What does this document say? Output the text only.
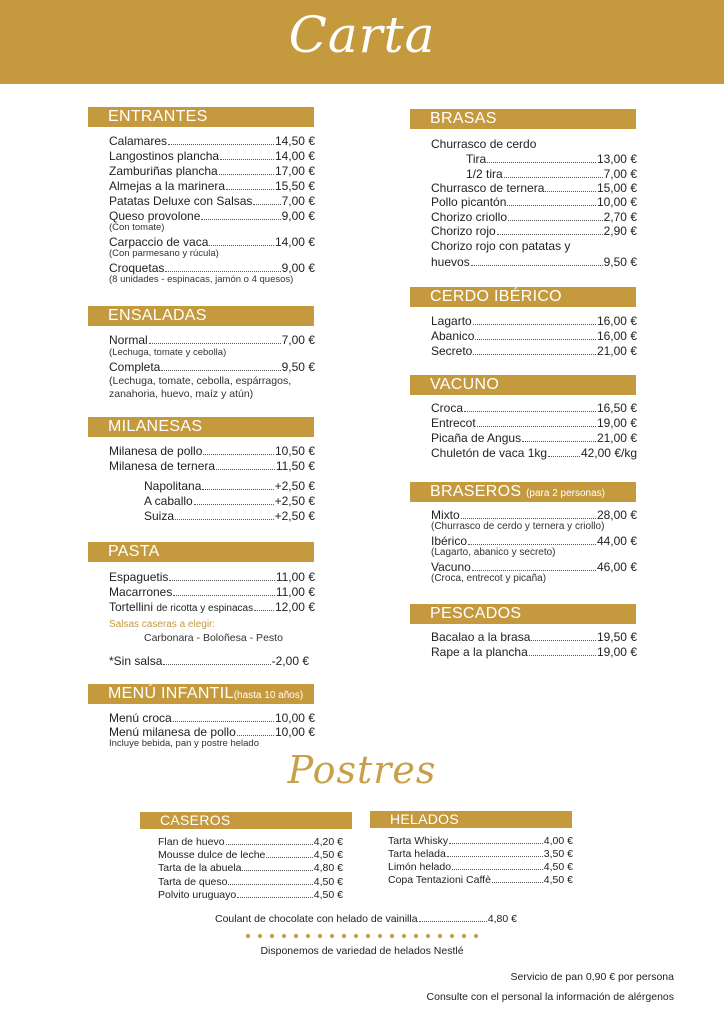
Carta
ENTRANTES
Calamares	14,50 €
Langostinos plancha	14,00 €
Zamburiñas plancha	17,00 €
Almejas a la marinera	15,50 €
Patatas Deluxe con Salsas 7,00 €
Queso provolone	9,00 €
(Con tomate)
Carpaccio de vaca	14,00 €
(Con parmesano y rúcula)
Croquetas	9,00 €
(8 unidades - espinacas, jamón o 4 quesos)
ENSALADAS
Normal	7,00 €
(Lechuga, tomate y cebolla)
Completa	9,50 €
(Lechuga, tomate, cebolla, espárragos,
zanahoria, huevo, maíz y atún)
MILANESAS
Milanesa de pollo	10,50 €
Milanesa de ternera	11,50 €
Napolitana	+2,50 €
A caballo	+2,50 €
Suiza	+2,50 €
PASTA
Espaguetis	11,00 €
Macarrones	11,00 €
Tortellini de ricotta y espinacas 12,00 €
Salsas caseras a elegir:
Carbonara - Boloñesa - Pesto
*Sin salsa	-2,00 €
MENÚ INFANTIL(hasta 10 años)
Menú croca	10,00 €
Menú milanesa de pollo	10,00 €
Incluye bebida, pan y postre helado
BRASAS
Churrasco de cerdo
Tira	13,00 €
1/2 tira	7,00 €
Churrasco de ternera	15,00 €
Pollo picantón	10,00 €
Chorizo criollo	2,70 €
Chorizo rojo	2,90 €
Chorizo rojo con patatas y
huevos	9,50 €
CERDO IBÉRICO
Lagarto	16,00 €
Abanico	16,00 €
Secreto	21,00 €
VACUNO
Croca	16,50 €
Entrecot	19,00 €
Picaña de Angus	21,00 €
Chuletón de vaca 1kg	42,00 €/kg
BRASEROS (para 2 personas)
Mixto	28,00 €
(Churrasco de cerdo y ternera y criollo)
Ibérico	44,00 €
(Lagarto, abanico y secreto)
Vacuno	46,00 €
(Croca, entrecot y picaña)
PESCADOS
Bacalao a la brasa	19,50 €
Rape a la plancha	19,00 €
Postres
CASEROS
Flan de huevo	4,20 €
Mousse dulce de leche	4,50 €
Tarta de la abuela	4,80 €
Tarta de queso	4,50 €
Polvito uruguayo	4,50 €
HELADOS
Tarta Whisky	4,00 €
Tarta helada	3,50 €
Limón helado	4,50 €
Copa Tentazioni Caffè	4,50 €
Coulant de chocolate con helado de vainilla	4,80 €
Disponemos de variedad de helados Nestlé
Servicio de pan 0,90 € por persona
Consulte con el personal la información de alérgenos
